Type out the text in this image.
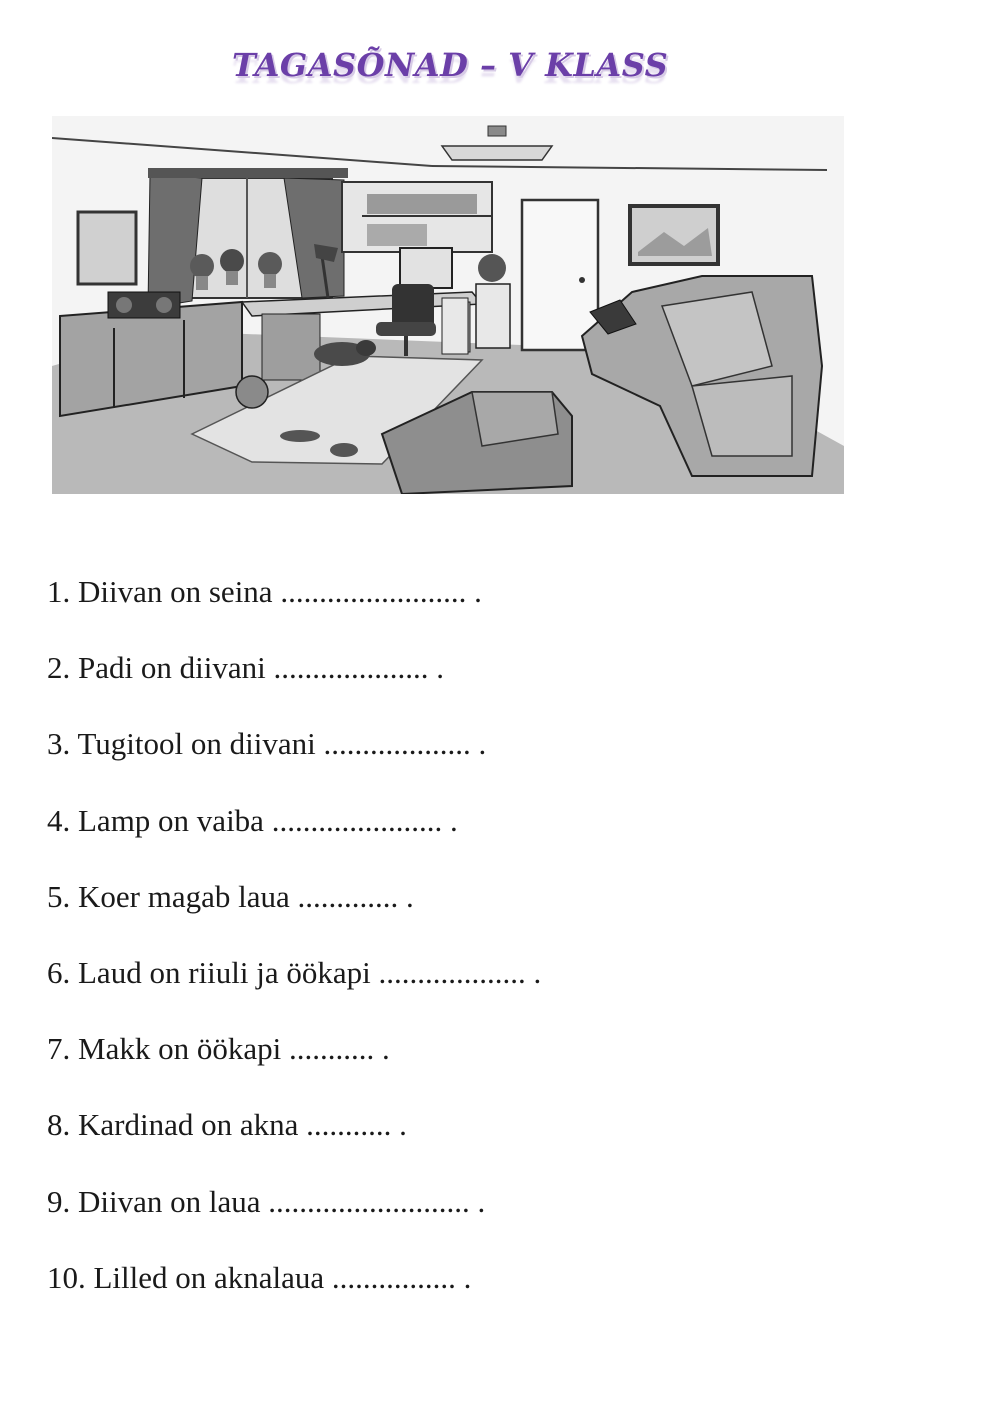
TAGASÕNAD – V KLASS
1. Diivan on seina ........................ .
2. Padi on diivani .................... .
3. Tugitool on diivani ................... .
4. Lamp on vaiba ...................... .
5. Koer magab laua ............. .
6. Laud on riiuli ja öökapi ................... .
7. Makk on öökapi ........... .
8. Kardinad on akna ........... .
9. Diivan on laua .......................... .
10. Lilled on aknalaua ................ .
